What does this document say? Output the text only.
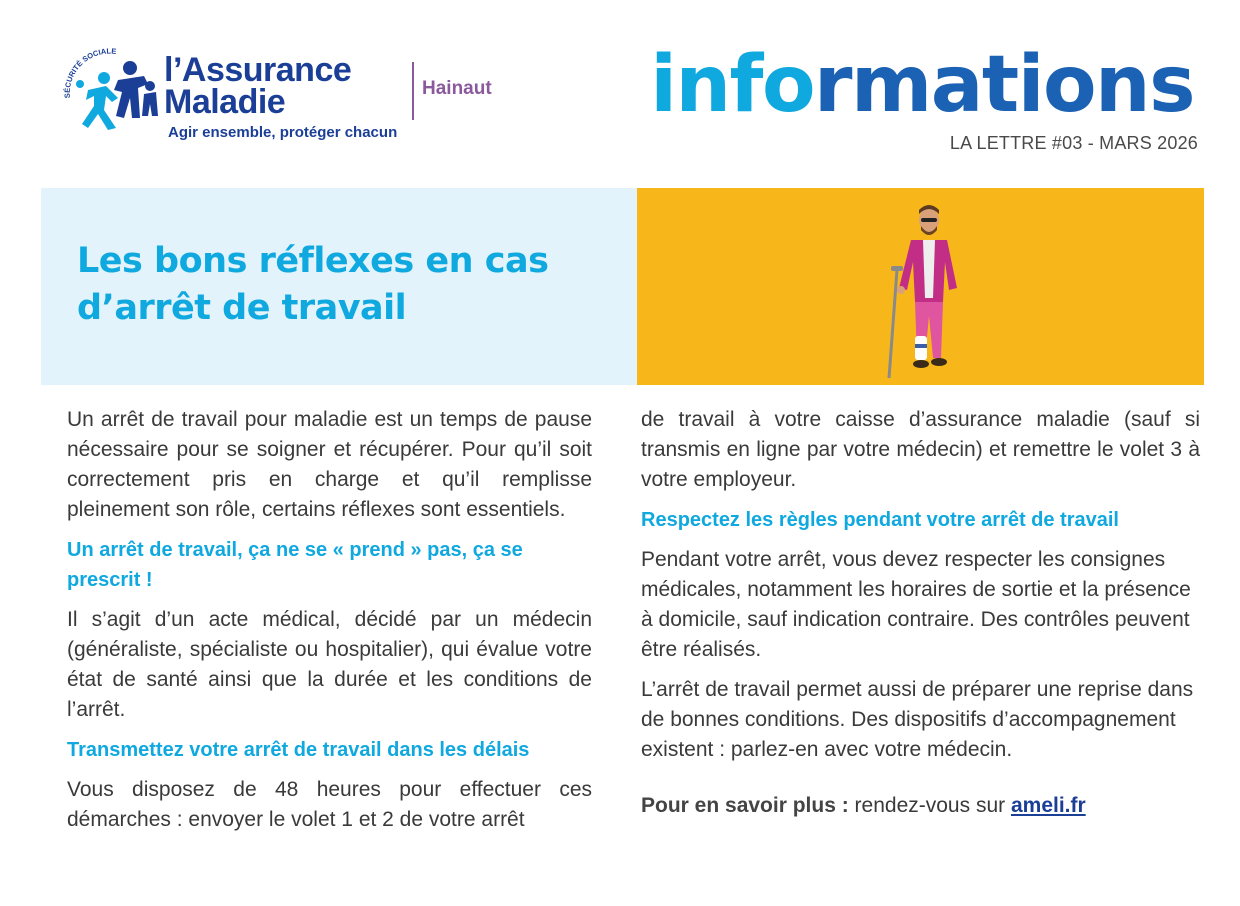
SÉCURITÉ SOCIALE l’Assurance
Maladie
Agir ensemble, protéger chacun
Hainaut informations
LA LETTRE #03 - MARS 2026
Les bons réflexes en cas
d’arrêt de travail

Un arrêt de travail pour maladie est un temps de pause nécessaire pour se soigner et récupérer. Pour qu’il soit correctement pris en charge et qu’il remplisse pleinement son rôle, certains réflexes sont essentiels.

Un arrêt de travail, ça ne se « prend » pas, ça se prescrit !

Il s’agit d’un acte médical, décidé par un médecin (généraliste, spécialiste ou hospitalier), qui évalue votre état de santé ainsi que la durée et les conditions de l’arrêt.

Transmettez votre arrêt de travail dans les délais

Vous disposez de 48 heures pour effectuer ces démarches : envoyer le volet 1 et 2 de votre arrêt

de travail à votre caisse d’assurance maladie (sauf si transmis en ligne par votre médecin) et remettre le volet 3 à votre employeur.

Respectez les règles pendant votre arrêt de travail

Pendant votre arrêt, vous devez respecter les consignes médicales, notamment les horaires de sortie et la présence à domicile, sauf indication contraire. Des contrôles peuvent être réalisés.

L’arrêt de travail permet aussi de préparer une reprise dans de bonnes conditions. Des dispositifs d’accompagnement existent : parlez-en avec votre médecin.

Pour en savoir plus : rendez-vous sur ameli.fr
